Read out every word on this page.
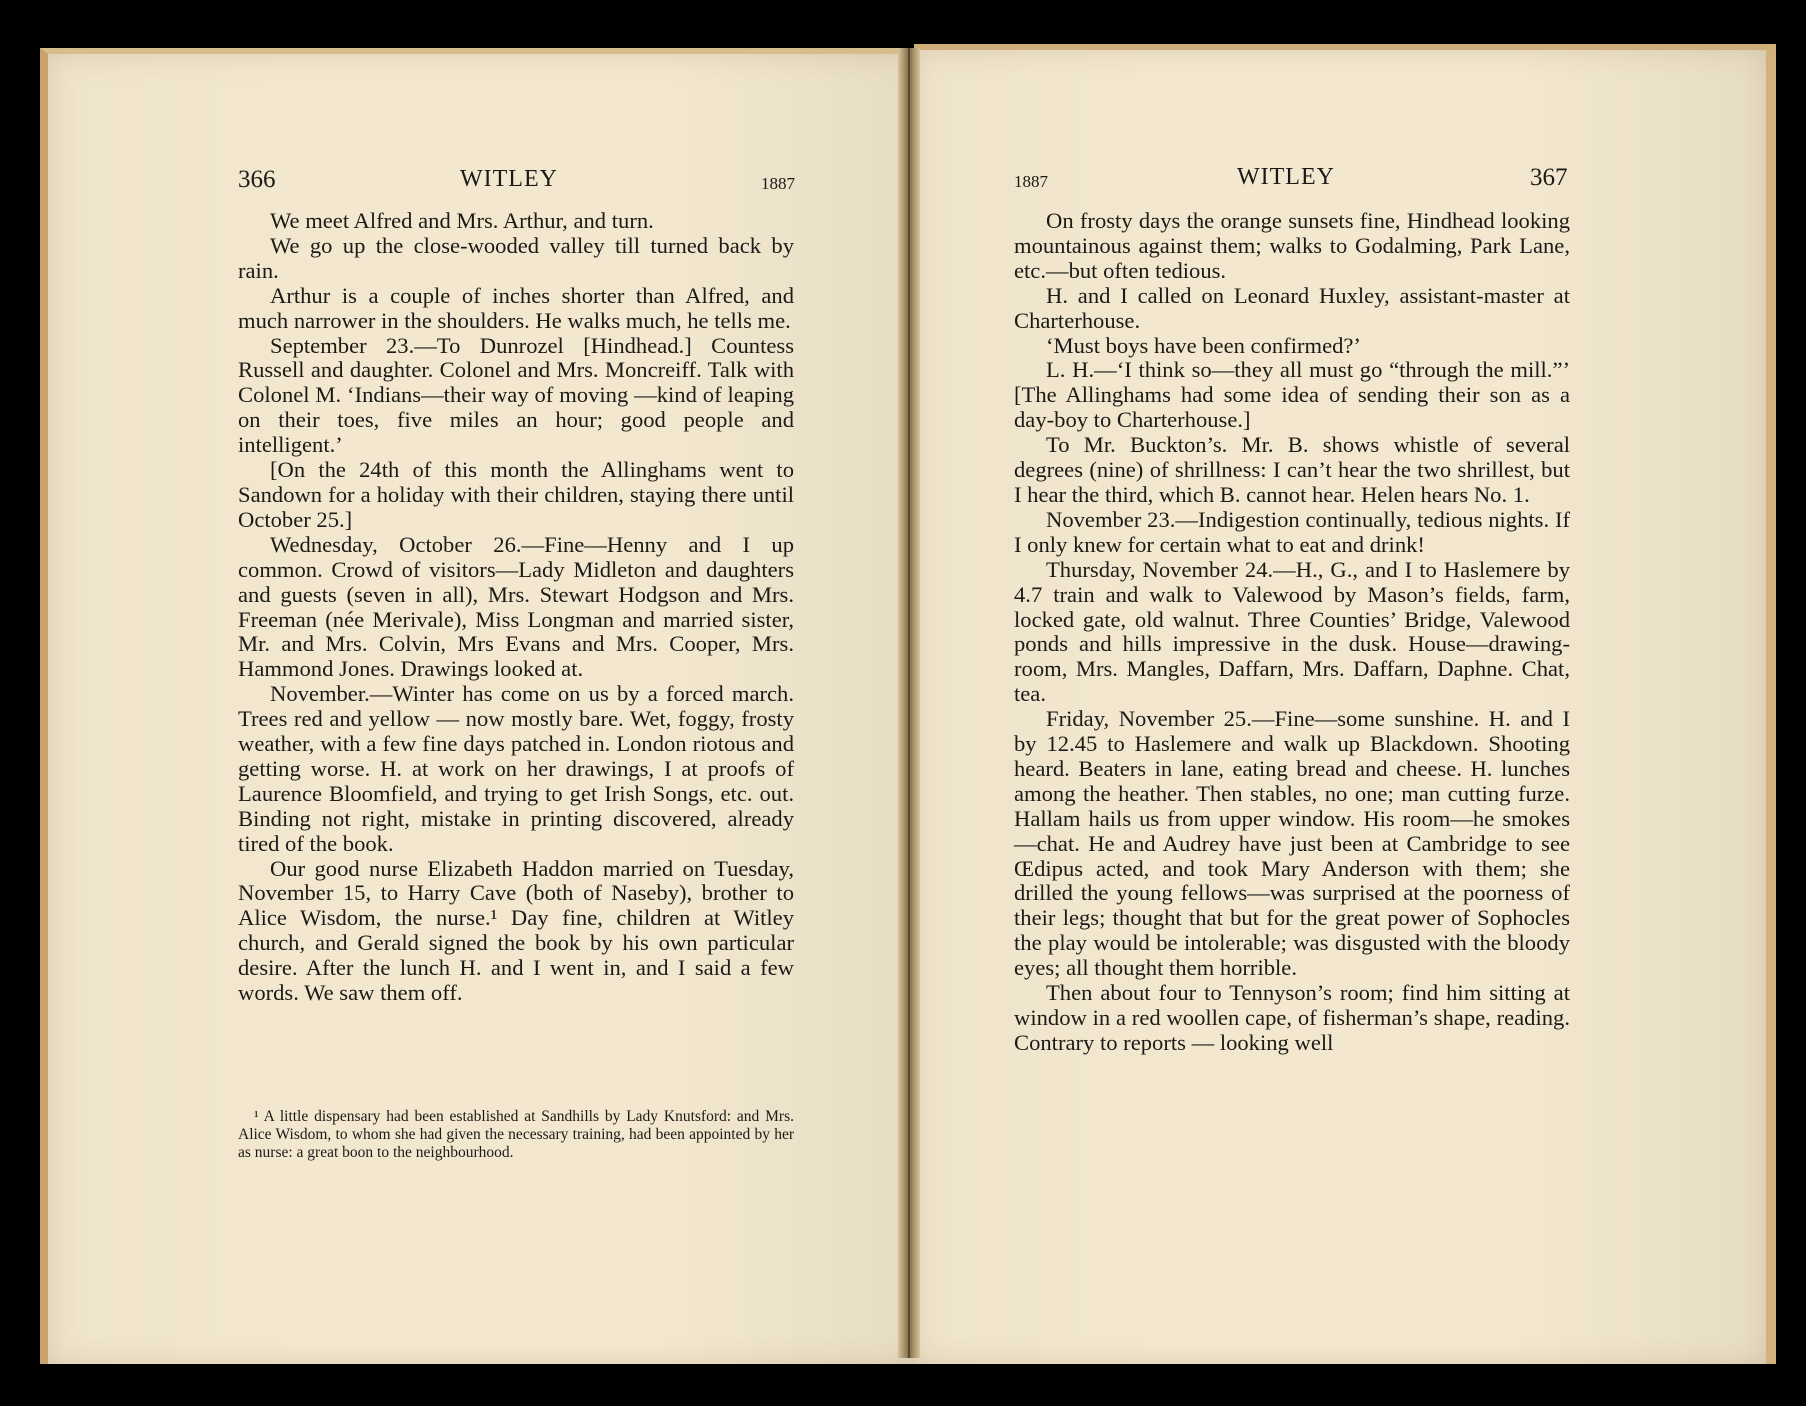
366	WITLEY	1887

We meet Alfred and Mrs. Arthur, and turn.

We go up the close-wooded valley till turned back by rain.

Arthur is a couple of inches shorter than Alfred, and much narrower in the shoulders. He walks much, he tells me.

September 23.—To Dunrozel [Hindhead.] Countess Russell and daughter. Colonel and Mrs. Moncreiff. Talk with Colonel M. ‘Indians—their way of moving —kind of leaping on their toes, five miles an hour; good people and intelligent.’

[On the 24th of this month the Allinghams went to Sandown for a holiday with their children, staying there until October 25.]

Wednesday, October 26.—Fine—Henny and I up common. Crowd of visitors—Lady Midleton and daughters and guests (seven in all), Mrs. Stewart Hodgson and Mrs. Freeman (née Merivale), Miss Longman and married sister, Mr. and Mrs. Colvin, Mrs Evans and Mrs. Cooper, Mrs. Hammond Jones. Drawings looked at.

November.—Winter has come on us by a forced march. Trees red and yellow — now mostly bare. Wet, foggy, frosty weather, with a few fine days patched in. London riotous and getting worse. H. at work on her drawings, I at proofs of Laurence Bloomfield, and trying to get Irish Songs, etc. out. Binding not right, mistake in printing discovered, already tired of the book.

Our good nurse Elizabeth Haddon married on Tuesday, November 15, to Harry Cave (both of Naseby), brother to Alice Wisdom, the nurse.¹ Day fine, children at Witley church, and Gerald signed the book by his own particular desire. After the lunch H. and I went in, and I said a few words. We saw them off.

¹ A little dispensary had been established at Sandhills by Lady Knutsford: and Mrs. Alice Wisdom, to whom she had given the necessary training, had been appointed by her as nurse: a great boon to the neighbourhood.

1887	WITLEY	367

On frosty days the orange sunsets fine, Hindhead looking mountainous against them; walks to Godalming, Park Lane, etc.—but often tedious.

H. and I called on Leonard Huxley, assistant-master at Charterhouse.

‘Must boys have been confirmed?’

L. H.—‘I think so—they all must go “through the mill.”’ [The Allinghams had some idea of sending their son as a day-boy to Charterhouse.]

To Mr. Buckton’s. Mr. B. shows whistle of several degrees (nine) of shrillness: I can’t hear the two shrillest, but I hear the third, which B. cannot hear. Helen hears No. 1.

November 23.—Indigestion continually, tedious nights. If I only knew for certain what to eat and drink!

Thursday, November 24.—H., G., and I to Haslemere by 4.7 train and walk to Valewood by Mason’s fields, farm, locked gate, old walnut. Three Counties’ Bridge, Valewood ponds and hills impressive in the dusk. House—drawing-room, Mrs. Mangles, Daffarn, Mrs. Daffarn, Daphne. Chat, tea.

Friday, November 25.—Fine—some sunshine. H. and I by 12.45 to Haslemere and walk up Blackdown. Shooting heard. Beaters in lane, eating bread and cheese. H. lunches among the heather. Then stables, no one; man cutting furze. Hallam hails us from upper window. His room—he smokes—chat. He and Audrey have just been at Cambridge to see Œdipus acted, and took Mary Anderson with them; she drilled the young fellows—was surprised at the poorness of their legs; thought that but for the great power of Sophocles the play would be intolerable; was disgusted with the bloody eyes; all thought them horrible.

Then about four to Tennyson’s room; find him sitting at window in a red woollen cape, of fisherman’s shape, reading. Contrary to reports — looking well
